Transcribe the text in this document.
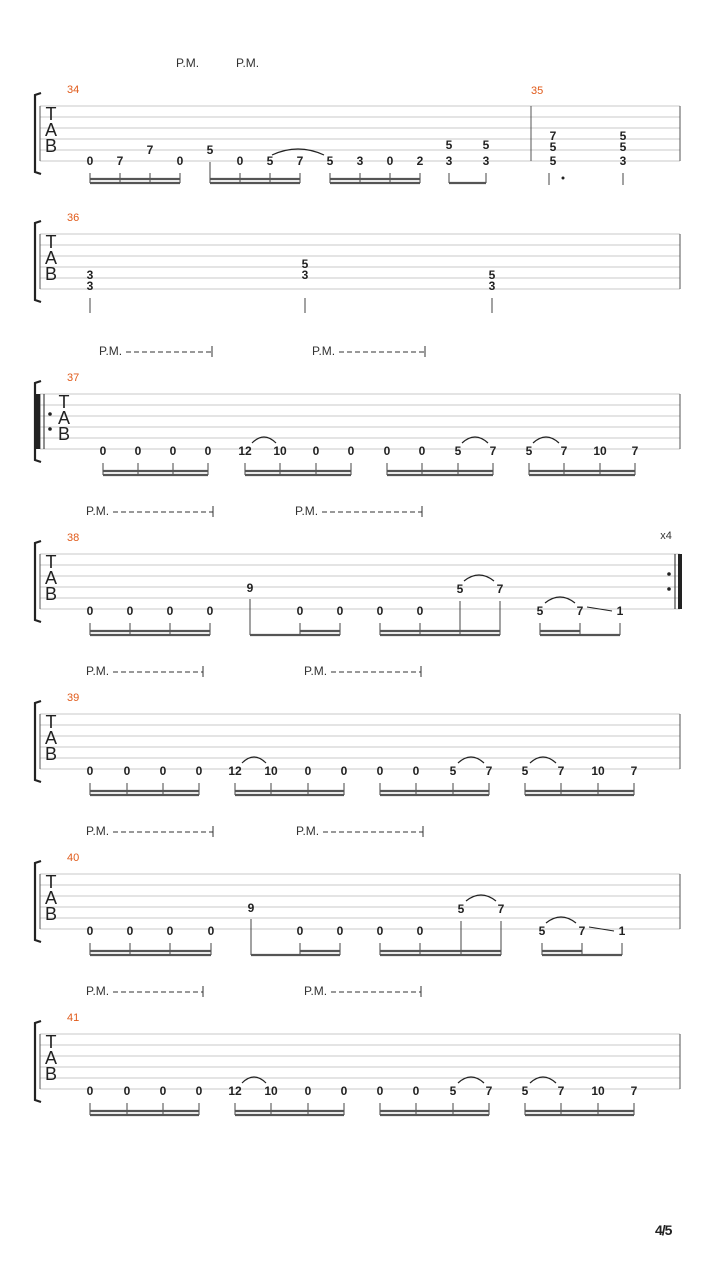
T
A
B
34
P.M.	P.M.
35
0 7
7
0
5
0 5 7 5 3 0 2
5
3
5
3
7
5
5
5
5
3
T
A
B
36
3
3
5
3	5
3
T
A
B
37
P.M.	P.M.
0 0 0 0 12 10 0 0 0 0 5 7 5 7 10 7
T
A
B
38
P.M.	P.M.
x4
0	0	0	0
9
0	0	0	0
5	7
5	7	1
T
A
B
39
P.M.	P.M.
0	0 0 0 12 10 0 0 0 0	5 7 5 7 10 7
T
A
B
40
P.M.	P.M.
0	0	0	0
9
0	0	0	0
5	7
5	7	1
T
A
B
41
P.M.	P.M.
0	0 0 0 12 10 0 0 0 0	5 7 5 7 10 7
4/5
